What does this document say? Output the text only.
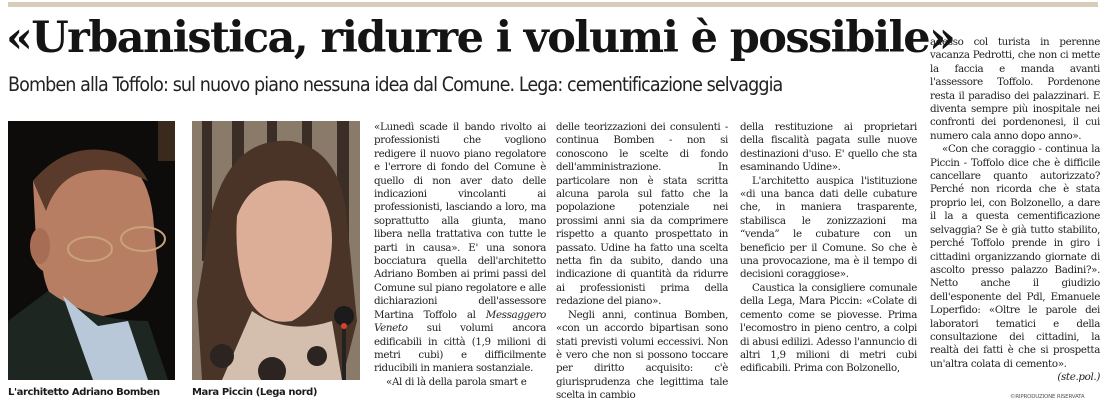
«Urbanistica, ridurre i volumi è possibile»
Bomben alla Toffolo: sul nuovo piano nessuna idea dal Comune. Lega: cementificazione selvaggia
L'architetto Adriano Bomben	Mara Piccin (Lega nord)

«Lunedì scade il bando rivolto ai professionisti che vogliono redigere il nuovo piano regolatore e l'errore di fondo del Comune è quello di non aver dato delle indicazioni vincolanti ai professionisti, lasciando a loro, ma soprattutto alla giunta, mano libera nella trattativa con tutte le parti in causa». E' una sonora bocciatura quella dell'architetto Adriano Bomben ai primi passi del Comune sul piano regolatore e alle dichiarazioni dell'assessore Martina Toffolo al Messaggero Veneto sui volumi ancora edificabili in città (1,9 milioni di metri cubi) e difficilmente riducibili in maniera sostanziale.

«Al di là della parola smart e

delle teorizzazioni dei consulenti - continua Bomben - non si conoscono le scelte di fondo dell'amministrazione. In particolare non è stata scritta alcuna parola sul fatto che la popolazione potenziale nei prossimi anni sia da comprimere rispetto a quanto prospettato in passato. Udine ha fatto una scelta netta fin da subito, dando una indicazione di quantità da ridurre ai professionisti prima della redazione del piano».

Negli anni, continua Bomben, «con un accordo bipartisan sono stati previsti volumi eccessivi. Non è vero che non si possono toccare per diritto acquisito: c'è giurisprudenza che legittima tale scelta in cambio

della restituzione ai proprietari della fiscalità pagata sulle nuove destinazioni d'uso. E' quello che sta esaminando Udine».

L'architetto auspica l'istituzione «di una banca dati delle cubature che, in maniera trasparente, stabilisca le zonizzazioni ma “venda” le cubature con un beneficio per il Comune. So che è una provocazione, ma è il tempo di decisioni coraggiose».

Caustica la consigliere comunale della Lega, Mara Piccin: «Colate di cemento come se piovesse. Prima l'ecomostro in pieno centro, a colpi di abusi edilizi. Adesso l'annuncio di altri 1,9 milioni di metri cubi edificabili. Prima con Bolzonello,

adesso col turista in perenne vacanza Pedrotti, che non ci mette la faccia e manda avanti l'assessore Toffolo. Pordenone resta il paradiso dei palazzinari. E diventa sempre più inospitale nei confronti dei pordenonesi, il cui numero cala anno dopo anno».

«Con che coraggio - continua la Piccin - Toffolo dice che è difficile cancellare quanto autorizzato? Perché non ricorda che è stata proprio lei, con Bolzonello, a dare il la a questa cementificazione selvaggia? Se è già tutto stabilito, perché Toffolo prende in giro i cittadini organizzando giornate di ascolto presso palazzo Badini?». Netto anche il giudizio dell'esponente del Pdl, Emanuele Loperfido: «Oltre le parole dei laboratori tematici e della consultazione dei cittadini, la realtà dei fatti è che si prospetta un'altra colata di cemento».
(ste.pol.)

©RIPRODUZIONE RISERVATA
